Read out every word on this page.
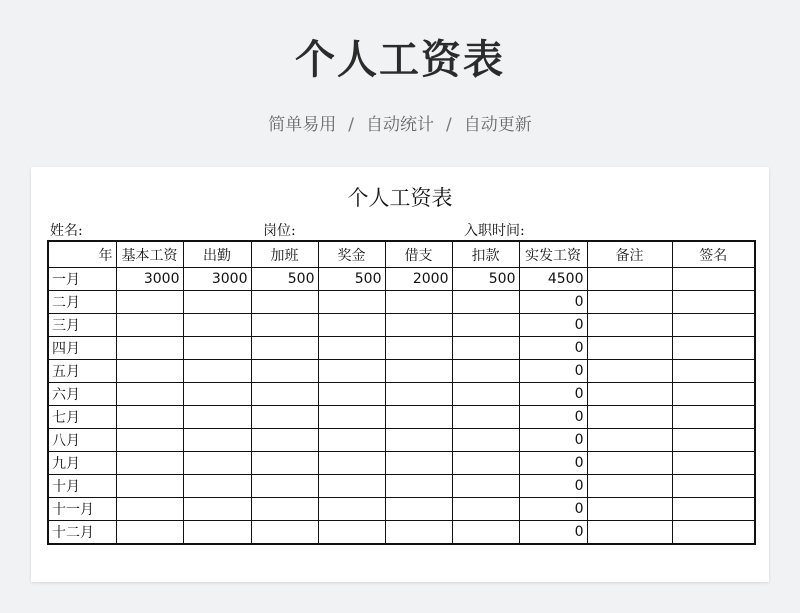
个人工资表
简单易用 / 自动统计 / 自动更新
个人工资表
姓名:	岗位:	入职时间:
年	基本工资	出勤	加班	奖金	借支	扣款	实发工资	备注	签名
一月	3000	3000	500	500	2000	500	4500		
二月							0		
三月							0		
四月							0		
五月							0		
六月							0		
七月							0		
八月							0		
九月							0		
十月							0		
十一月							0		
十二月							0		
